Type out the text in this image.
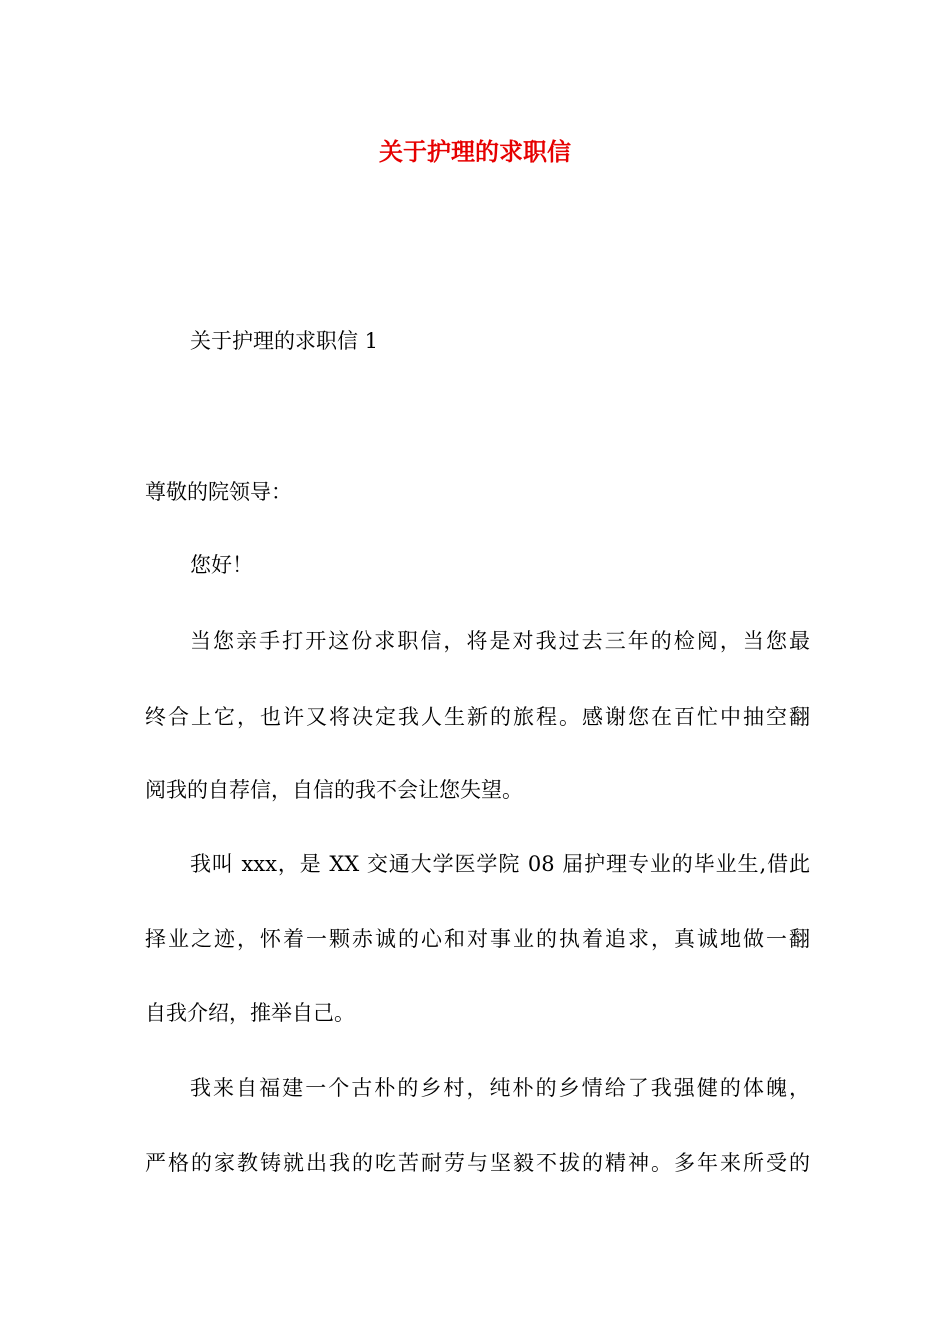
关于护理的求职信
关于护理的求职信 1
尊敬的院领导：
您好！
当您亲手打开这份求职信，将是对我过去三年的检阅，当您最
终合上它，也许又将决定我人生新的旅程。感谢您在百忙中抽空翻
阅我的自荐信，自信的我不会让您失望。
我叫 xxx，是 XX 交通大学医学院 08 届护理专业的毕业生,借此
择业之迹，怀着一颗赤诚的心和对事业的执着追求，真诚地做一翻
自我介绍，推举自己。
我来自福建一个古朴的乡村，纯朴的乡情给了我强健的体魄，
严格的家教铸就出我的吃苦耐劳与坚毅不拔的精神。多年来所受的
